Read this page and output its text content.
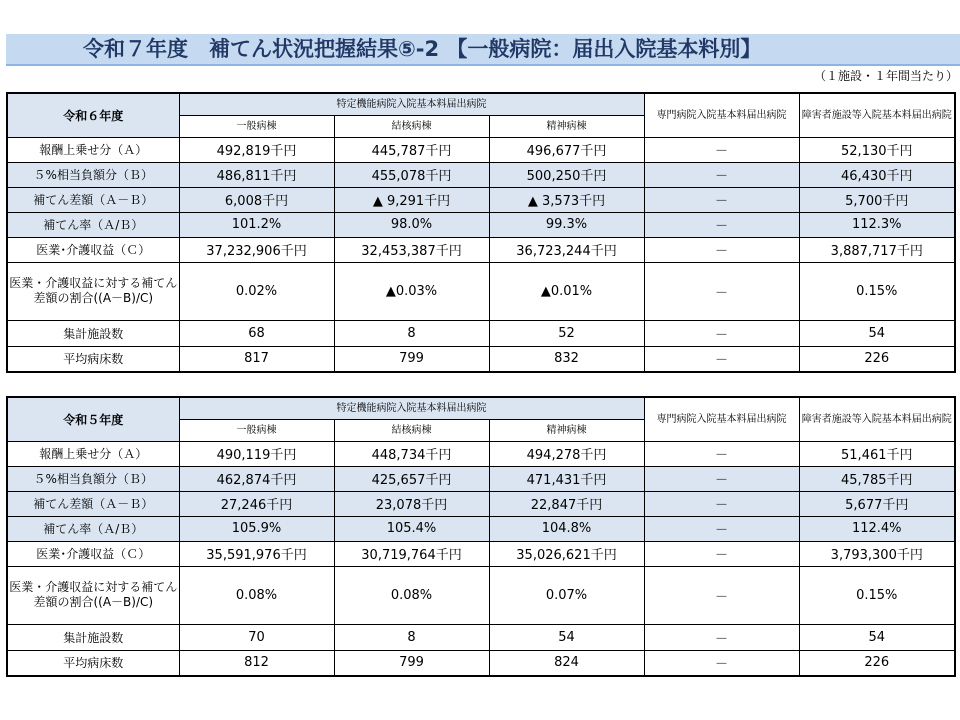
令和７年度　補てん状況把握結果⑤-2 【一般病院：届出入院基本料別】
（１施設・１年間当たり）
令和６年度	特定機能病院入院基本料届出病院			専門病院入院基本料届出病院	障害者施設等入院基本料届出病院
	一般病棟	結核病棟	精神病棟		
報酬上乗せ分（Ａ）	492,819千円	445,787千円	496,677千円	－	52,130千円
５%相当負額分（Ｂ）	486,811千円	455,078千円	500,250千円	－	46,430千円
補てん差額（Ａ－Ｂ）	6,008千円	▲ 9,291千円	▲ 3,573千円	－	5,700千円
補てん率（Ａ/Ｂ）	101.2%	98.0%	99.3%	－	112.3%
医業･介護収益（Ｃ）	37,232,906千円	32,453,387千円	36,723,244千円	－	3,887,717千円
医業・介護収益に対する補てん差額の割合((A－B)/C)	0.02%	▲0.03%	▲0.01%	－	0.15%
集計施設数	68	8	52	－	54
平均病床数	817	799	832	－	226
令和５年度	特定機能病院入院基本料届出病院			専門病院入院基本料届出病院	障害者施設等入院基本料届出病院
	一般病棟	結核病棟	精神病棟		
報酬上乗せ分（Ａ）	490,119千円	448,734千円	494,278千円	－	51,461千円
５%相当負額分（Ｂ）	462,874千円	425,657千円	471,431千円	－	45,785千円
補てん差額（Ａ－Ｂ）	27,246千円	23,078千円	22,847千円	－	5,677千円
補てん率（Ａ/Ｂ）	105.9%	105.4%	104.8%	－	112.4%
医業･介護収益（Ｃ）	35,591,976千円	30,719,764千円	35,026,621千円	－	3,793,300千円
医業・介護収益に対する補てん差額の割合((A－B)/C)	0.08%	0.08%	0.07%	－	0.15%
集計施設数	70	8	54	－	54
平均病床数	812	799	824	－	226
